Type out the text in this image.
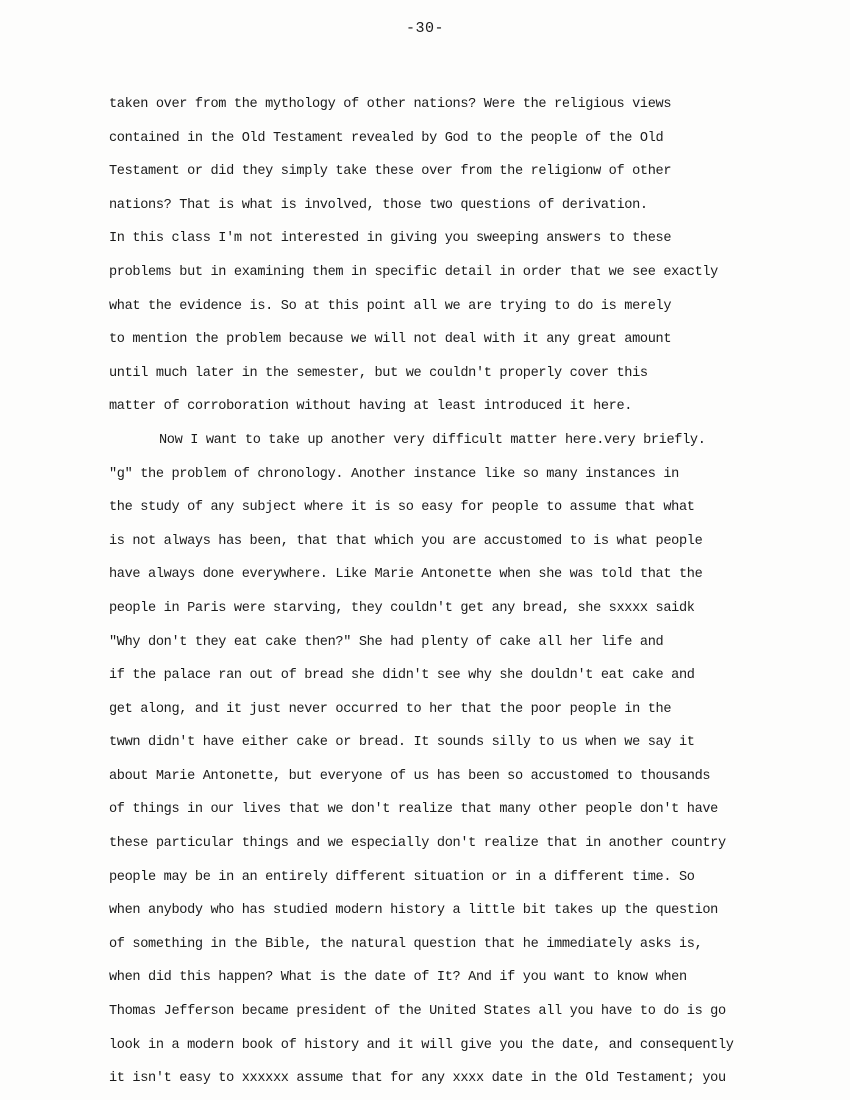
-30-
taken over from the mythology of other nations? Were the religious views
contained in the Old Testament revealed by God to the people of the Old
Testament or did they simply take these over from the religionw of other
nations? That is what is involved, those two questions of derivation.
In this class I'm not interested in giving you sweeping answers to these
problems but in examining them in specific detail in order that we see exactly
what the evidence is. So at this point all we are trying to do is merely
to mention the problem because we will not deal with it any great amount
until much later in the semester, but we couldn't properly cover this
matter of corroboration without having at least introduced it here.
Now I want to take up another very difficult matter here.very briefly.
"g" the problem of chronology. Another instance like so many instances in
the study of any subject where it is so easy for people to assume that what
is not always has been, that that which you are accustomed to is what people
have always done everywhere. Like Marie Antonette when she was told that the
people in Paris were starving, they couldn't get any bread, she sxxxx saidk
"Why don't they eat cake then?" She had plenty of cake all her life and
if the palace ran out of bread she didn't see why she douldn't eat cake and
get along, and it just never occurred to her that the poor people in the
twwn didn't have either cake or bread. It sounds silly to us when we say it
about Marie Antonette, but everyone of us has been so accustomed to thousands
of things in our lives that we don't realize that many other people don't have
these particular things and we especially don't realize that in another country
people may be in an entirely different situation or in a different time. So
when anybody who has studied modern history a little bit takes up the question
of something in the Bible, the natural question that he immediately asks is,
when did this happen? What is the date of It? And if you want to know when
Thomas Jefferson became president of the United States all you have to do is go
look in a modern book of history and it will give you the date, and consequently
it isn't easy to xxxxxx assume that for any xxxx date in the Old Testament; you
